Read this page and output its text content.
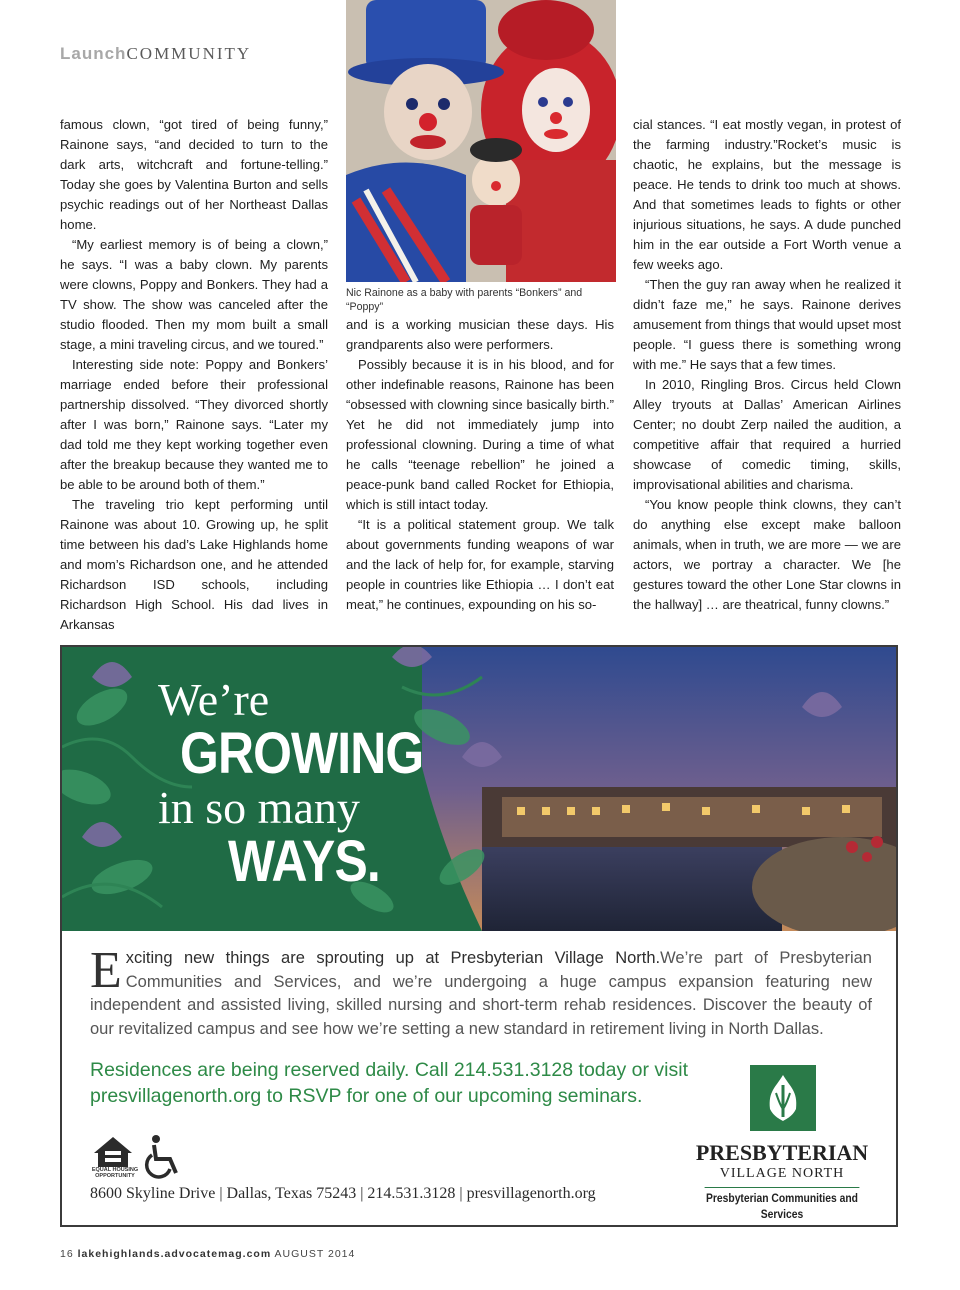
LaunchCOMMUNITY
Nic Rainone as a baby with parents “Bonkers” and “Poppy”

famous clown, “got tired of being funny,” Rainone says, “and decided to turn to the dark arts, witchcraft and fortune-telling.” Today she goes by Valentina Burton and sells psychic readings out of her Northeast Dallas home.

“My earliest memory is of being a clown,” he says. “I was a baby clown. My parents were clowns, Poppy and Bonkers. They had a TV show. The show was canceled after the studio flooded. Then my mom built a small stage, a mini traveling circus, and we toured.”

Interesting side note: Poppy and Bonkers’ marriage ended before their professional partnership dissolved. “They divorced shortly after I was born,” Rainone says. “Later my dad told me they kept working together even after the breakup because they wanted me to be able to be around both of them.”

The traveling trio kept performing until Rainone was about 10. Growing up, he split time between his dad’s Lake Highlands home and mom’s Richardson one, and he attended Richardson ISD schools, including Richardson High School. His dad lives in Arkansas

and is a working musician these days. His grandparents also were performers.

Possibly because it is in his blood, and for other indefinable reasons, Rainone has been “obsessed with clowning since basically birth.” Yet he did not immediately jump into professional clowning. During a time of what he calls “teenage rebellion” he joined a peace-punk band called Rocket for Ethiopia, which is still intact today.

“It is a political statement group. We talk about governments funding weapons of war and the lack of help for, for example, starving people in countries like Ethiopia … I don’t eat meat,” he continues, expounding on his so-

cial stances. “I eat mostly vegan, in protest of the farming industry.”Rocket’s music is chaotic, he explains, but the message is peace. He tends to drink too much at shows. And that sometimes leads to fights or other injurious situations, he says. A dude punched him in the ear outside a Fort Worth venue a few weeks ago.

“Then the guy ran away when he realized it didn’t faze me,” he says. Rainone derives amusement from things that would upset most people. “I guess there is something wrong with me.” He says that a few times.

In 2010, Ringling Bros. Circus held Clown Alley tryouts at Dallas’ American Airlines Center; no doubt Zerp nailed the audition, a competitive affair that required a hurried showcase of comedic timing, skills, improvisational abilities and charisma.

“You know people think clowns, they can’t do anything else except make balloon animals, when in truth, we are more — we are actors, we portray a character. We [he gestures toward the other Lone Star clowns in the hallway] … are theatrical, funny clowns.”

We’re
GROWING
in so many
WAYS.
Exciting new things are sprouting up at Presbyterian Village North.We’re part of Presbyterian Communities and Services, and we’re undergoing a huge campus expansion featuring new independent and assisted living, skilled nursing and short-term rehab residences. Discover the beauty of our revitalized campus and see how we’re setting a new standard in retirement living in North Dallas.
Residences are being reserved daily. Call 214.531.3128 today or visit presvillagenorth.org to RSVP for one of our upcoming seminars.
EQUAL HOUSING OPPORTUNITY
8600 Skyline Drive | Dallas, Texas 75243 | 214.531.3128 | presvillagenorth.org
PRESBYTERIAN
VILLAGE NORTH
Presbyterian Communities and Services
16 lakehighlands.advocatemag.com AUGUST 2014
